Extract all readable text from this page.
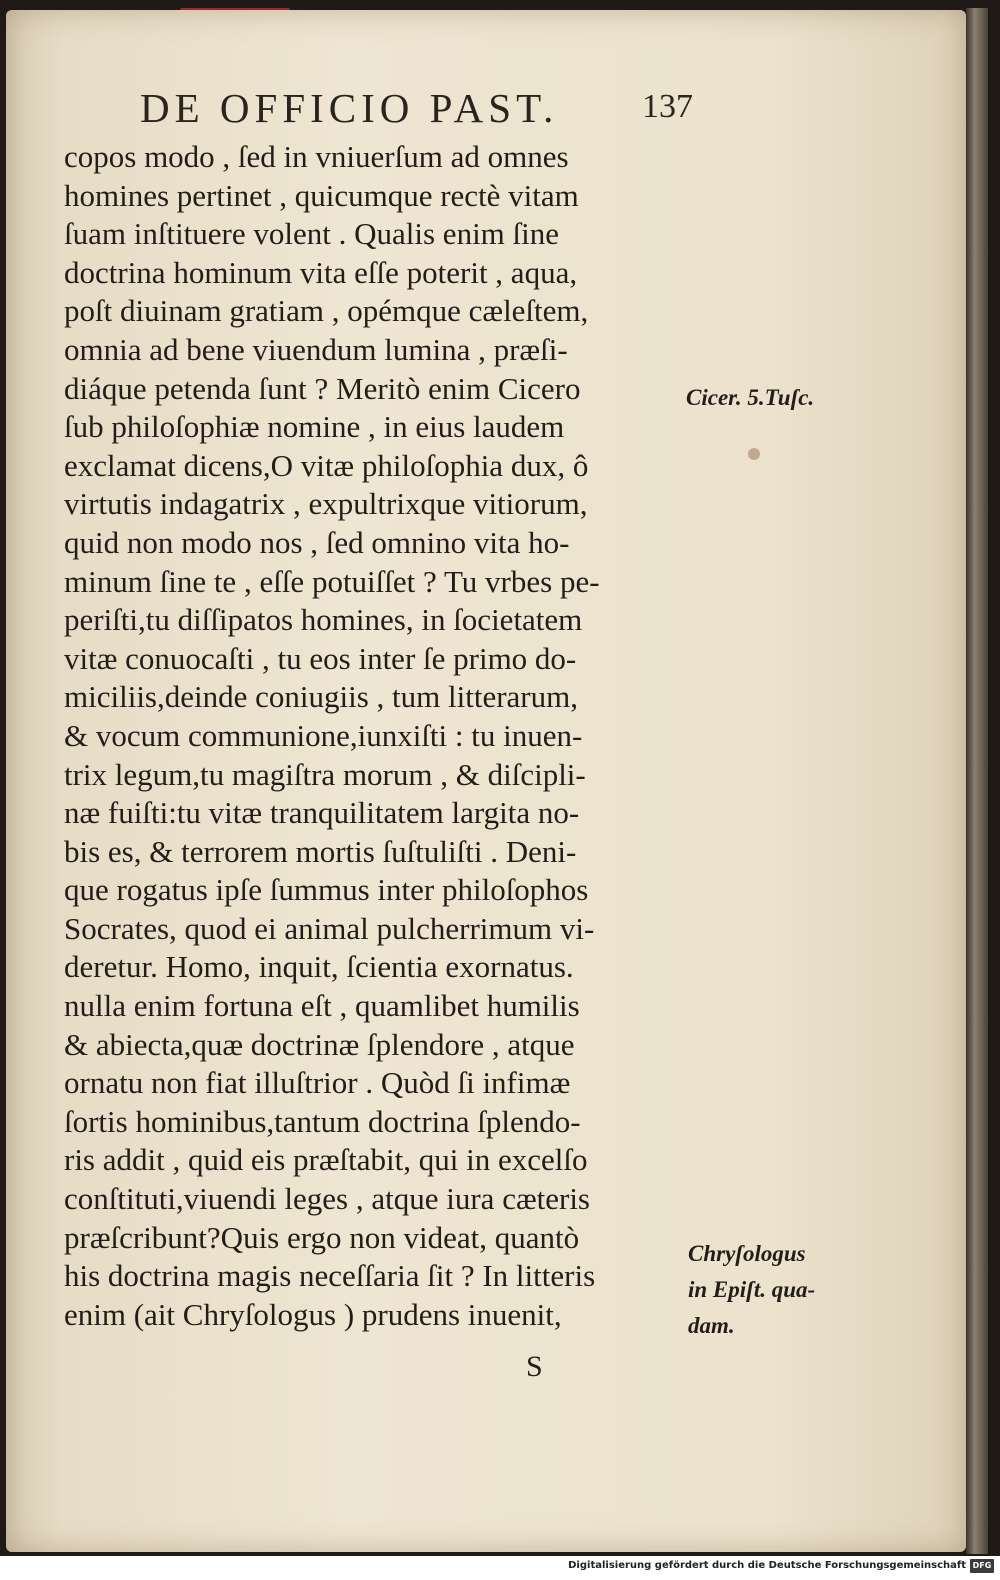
DE OFFICIO PAST. 137
copos modo , ſed in vniuerſum ad omnes
homines pertinet , quicumque rectè vitam
ſuam inſtituere volent . Qualis enim ſine
doctrina hominum vita eſſe poterit , aqua,
poſt diuinam gratiam , opémque cæleſtem,
omnia ad bene viuendum lumina , præſi-
diáque petenda ſunt ? Meritò enim Cicero
ſub philoſophiæ nomine , in eius laudem
exclamat dicens,O vitæ philoſophia dux, ô
virtutis indagatrix , expultrixque vitiorum,
quid non modo nos , ſed omnino vita ho-
minum ſine te , eſſe potuiſſet ? Tu vrbes pe-
periſti,tu diſſipatos homines, in ſocietatem
vitæ conuocaſti , tu eos inter ſe primo do-
miciliis,deinde coniugiis , tum litterarum,
& vocum communione,iunxiſti : tu inuen-
trix legum,tu magiſtra morum , & diſcipli-
næ fuiſti:tu vitæ tranquilitatem largita no-
bis es, & terrorem mortis ſuſtuliſti . Deni-
que rogatus ipſe ſummus inter philoſophos
Socrates, quod ei animal pulcherrimum vi-
deretur. Homo, inquit, ſcientia exornatus.
nulla enim fortuna eſt , quamlibet humilis
& abiecta,quæ doctrinæ ſplendore , atque
ornatu non fiat illuſtrior . Quòd ſi infimæ
ſortis hominibus,tantum doctrina ſplendo-
ris addit , quid eis præſtabit, qui in excelſo
conſtituti,viuendi leges , atque iura cæteris
præſcribunt?Quis ergo non videat, quantò
his doctrina magis neceſſaria ſit ? In litteris
enim (ait Chryſologus ) prudens inuenit,
Cicer. 5.Tuſc.
Chryſologus
in Epiſt. qua-
dam.
S
Digitalisierung gefördert durch die Deutsche Forschungsgemeinschaft DFG
